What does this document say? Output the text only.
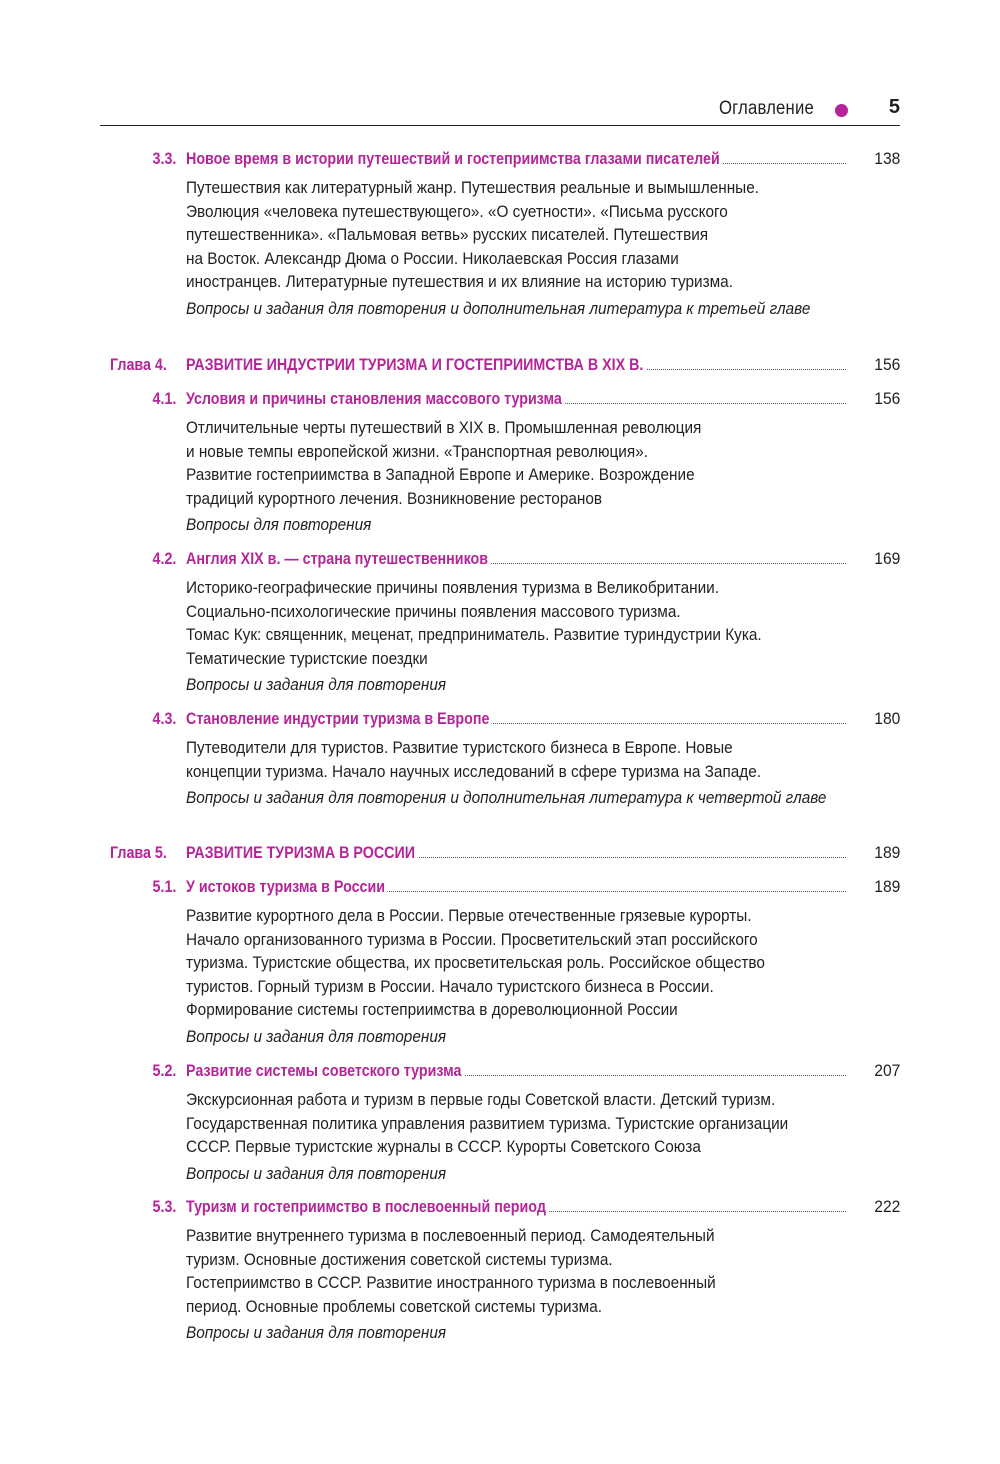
Оглавление	5
3.3. Новое время в истории путешествий и гостеприимства глазами писателей	138
Путешествия как литературный жанр. Путешествия реальные и вымышленные.
Эволюция «человека путешествующего». «О суетности». «Письма русского
путешественника». «Пальмовая ветвь» русских писателей. Путешествия
на Восток. Александр Дюма о России. Николаевская Россия глазами
иностранцев. Литературные путешествия и их влияние на историю туризма.
Вопросы и задания для повторения и дополнительная литература к третьей главе
Глава 4. РАЗВИТИЕ ИНДУСТРИИ ТУРИЗМА И ГОСТЕПРИИМСТВА В XIX В.	156
4.1. Условия и причины становления массового туризма	156
Отличительные черты путешествий в XIX в. Промышленная революция
и новые темпы европейской жизни. «Транспортная революция».
Развитие гостеприимства в Западной Европе и Америке. Возрождение
традиций курортного лечения. Возникновение ресторанов
Вопросы для повторения
4.2. Англия XIX в. — страна путешественников	169
Историко-географические причины появления туризма в Великобритании.
Социально-психологические причины появления массового туризма.
Томас Кук: священник, меценат, предприниматель. Развитие туриндустрии Кука.
Тематические туристские поездки
Вопросы и задания для повторения
4.3. Становление индустрии туризма в Европе	180
Путеводители для туристов. Развитие туристского бизнеса в Европе. Новые
концепции туризма. Начало научных исследований в сфере туризма на Западе.
Вопросы и задания для повторения и дополнительная литература к четвертой главе
Глава 5. РАЗВИТИЕ ТУРИЗМА В РОССИИ	189
5.1. У истоков туризма в России	189
Развитие курортного дела в России. Первые отечественные грязевые курорты.
Начало организованного туризма в России. Просветительский этап российского
туризма. Туристские общества, их просветительская роль. Российское общество
туристов. Горный туризм в России. Начало туристского бизнеса в России.
Формирование системы гостеприимства в дореволюционной России
Вопросы и задания для повторения
5.2. Развитие системы советского туризма	207
Экскурсионная работа и туризм в первые годы Советской власти. Детский туризм.
Государственная политика управления развитием туризма. Туристские организации
СССР. Первые туристские журналы в СССР. Курорты Советского Союза
Вопросы и задания для повторения
5.3. Туризм и гостеприимство в послевоенный период	222
Развитие внутреннего туризма в послевоенный период. Самодеятельный
туризм. Основные достижения советской системы туризма.
Гостеприимство в СССР. Развитие иностранного туризма в послевоенный
период. Основные проблемы советской системы туризма.
Вопросы и задания для повторения
